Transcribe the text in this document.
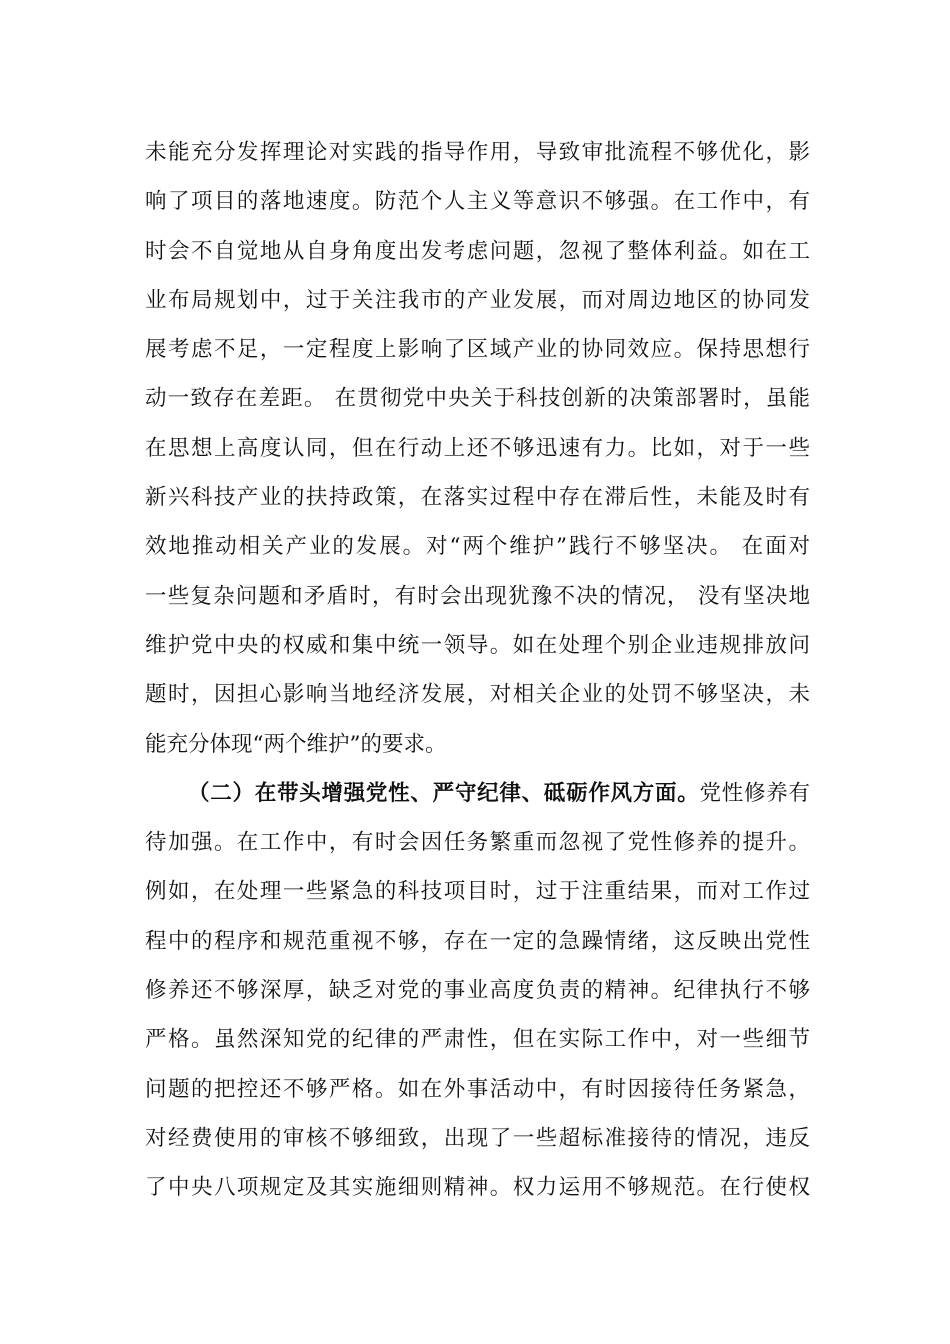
未能充分发挥理论对实践的指导作用，导致审批流程不够优化，影
响了项目的落地速度。防范个人主义等意识不够强。在工作中，有
时会不自觉地从自身角度出发考虑问题，忽视了整体利益。如在工
业布局规划中，过于关注我市的产业发展，而对周边地区的协同发
展考虑不足，一定程度上影响了区域产业的协同效应。保持思想行
动一致存在差距。 在贯彻党中央关于科技创新的决策部署时，虽能
在思想上高度认同，但在行动上还不够迅速有力。比如，对于一些
新兴科技产业的扶持政策，在落实过程中存在滞后性，未能及时有
效地推动相关产业的发展。对“两个维护”践行不够坚决。 在面对
一些复杂问题和矛盾时，有时会出现犹豫不决的情况， 没有坚决地
维护党中央的权威和集中统一领导。如在处理个别企业违规排放问
题时，因担心影响当地经济发展，对相关企业的处罚不够坚决，未
能充分体现“两个维护”的要求。
（二）在带头增强党性、严守纪律、砥砺作风方面。党性修养有
待加强。在工作中，有时会因任务繁重而忽视了党性修养的提升。
例如，在处理一些紧急的科技项目时，过于注重结果，而对工作过
程中的程序和规范重视不够，存在一定的急躁情绪，这反映出党性
修养还不够深厚，缺乏对党的事业高度负责的精神。纪律执行不够
严格。虽然深知党的纪律的严肃性，但在实际工作中，对一些细节
问题的把控还不够严格。如在外事活动中，有时因接待任务紧急，
对经费使用的审核不够细致，出现了一些超标准接待的情况，违反
了中央八项规定及其实施细则精神。权力运用不够规范。在行使权
